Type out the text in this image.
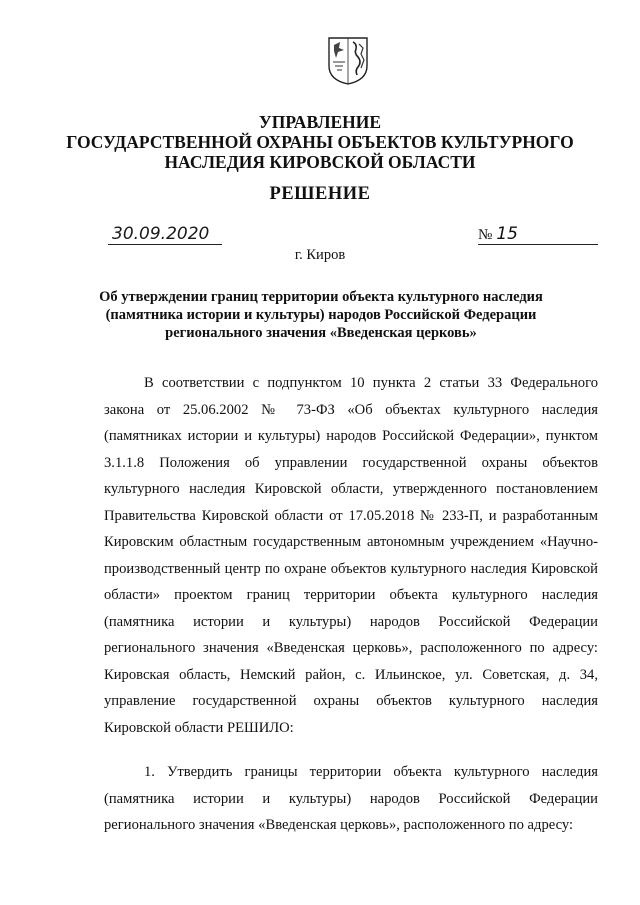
УПРАВЛЕНИЕ
ГОСУДАРСТВЕННОЙ ОХРАНЫ ОБЪЕКТОВ КУЛЬТУРНОГО
НАСЛЕДИЯ КИРОВСКОЙ ОБЛАСТИ
РЕШЕНИЕ
30.09.2020	№ 15
г. Киров
Об утверждении границ территории объекта культурного наследия
(памятника истории и культуры) народов Российской Федерации
регионального значения «Введенская церковь»
В соответствии с подпунктом 10 пункта 2 статьи 33 Федерального закона от 25.06.2002 № 73-ФЗ «Об объектах культурного наследия (памятниках истории и культуры) народов Российской Федерации», пунктом 3.1.1.8 Положения об управлении государственной охраны объектов культурного наследия Кировской области, утвержденного постановлением Правительства Кировской области от 17.05.2018 № 233-П, и разработанным Кировским областным государственным автономным учреждением «Научно-производственный центр по охране объектов культурного наследия Кировской области» проектом границ территории объекта культурного наследия (памятника истории и культуры) народов Российской Федерации регионального значения «Введенская церковь», расположенного по адресу: Кировская область, Немский район, с. Ильинское, ул. Советская, д. 34, управление государственной охраны объектов культурного наследия Кировской области РЕШИЛО:
1. Утвердить границы территории объекта культурного наследия (памятника истории и культуры) народов Российской Федерации регионального значения «Введенская церковь», расположенного по адресу:
